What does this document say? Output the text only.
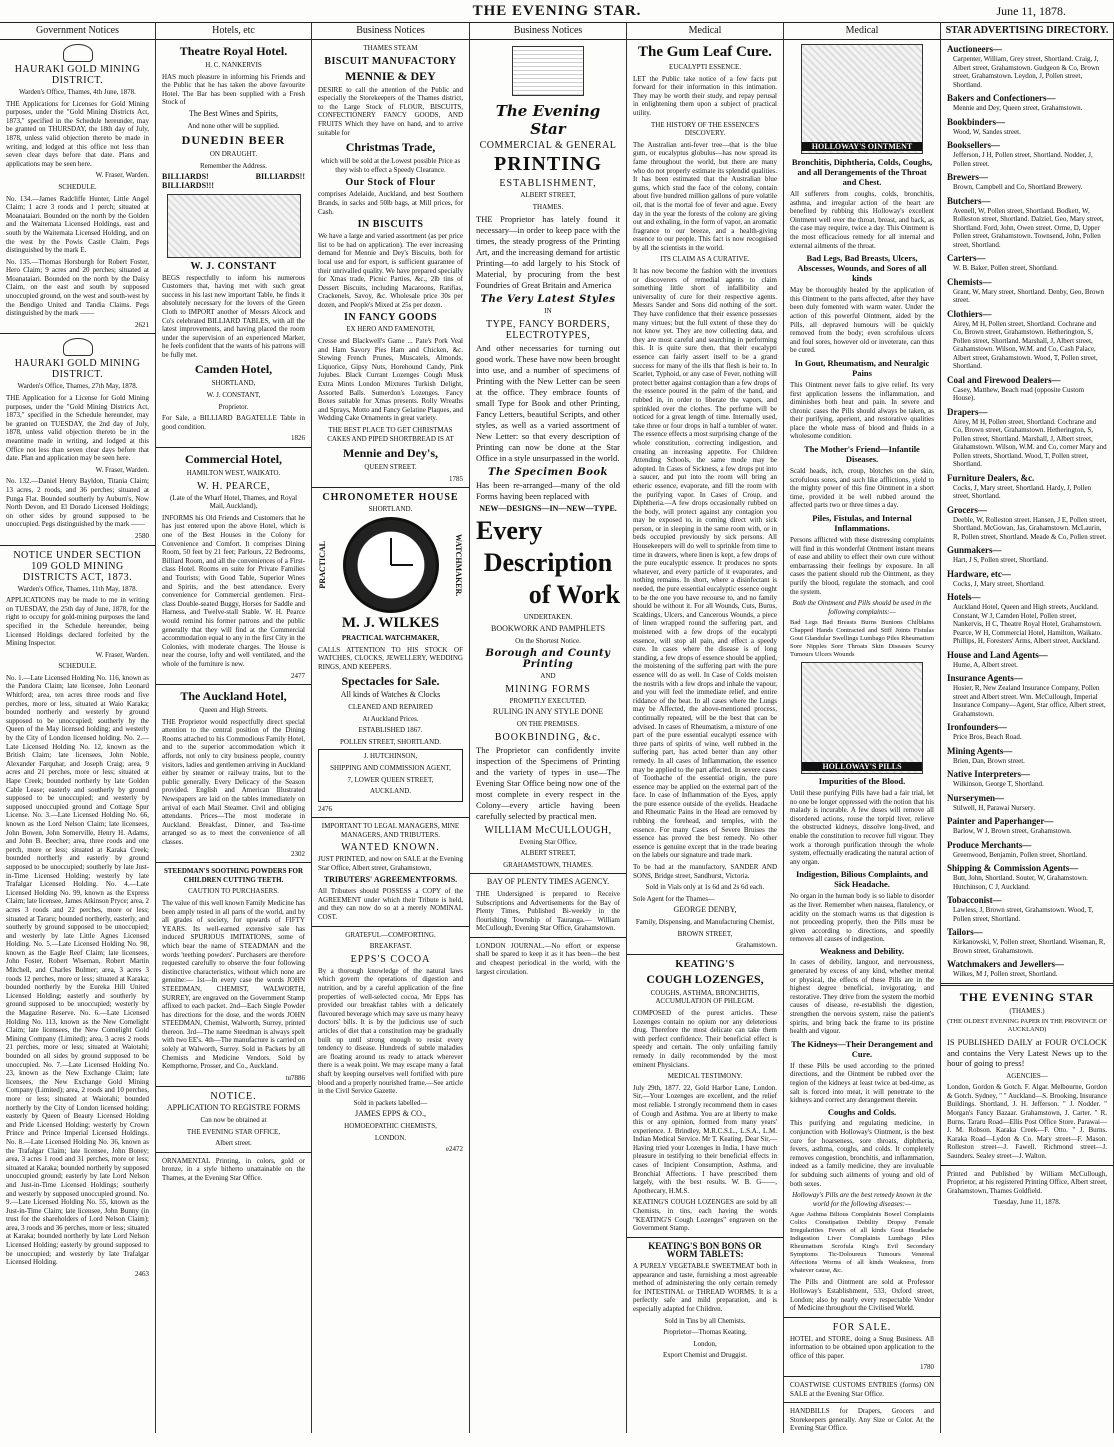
THE EVENING STAR.	June 11, 1878.
Government Notices
HAURAKI GOLD MINING DISTRICT.
Warden's Office, Thames, 4th June, 1878.
THE Applications for Licenses for Gold Mining purposes, under the "Gold Mining Districts Act, 1873," specified in the Schedule hereunder, may be granted on THURSDAY, the 18th day of July, 1878, unless valid objection thereto be made in writing, and lodged at this office not less than seven clear days before that date. Plans and applications may be seen here.
W. Fraser, Warden.
SCHEDULE.
No. 134.—James Radcliffe Hunter, Little Angel Claim; 1 acre 3 roods and 1 perch; situated at Moanataiari. Bounded on the north by the Golden and the Waitemata Licensed Holdings, east and south by the Waitemata Licensed Holding, and on the west by the Powis Castle Claim. Pegs distinguished by the mark E.
No. 135.—Thomas Horsburgh for Robert Foster, Hero Claim; 9 acres and 20 perches; situated at Moanataiari. Bounded on the north by the Daisy Claim, on the east and south by supposed unoccupied ground, on the west and south-west by the Bendigo United and Tandia Claims. Pegs distinguished by the mark ——
2621
HAURAKI GOLD MINING DISTRICT.
Warden's Office, Thames, 27th May, 1878.
THE Application for a License for Gold Mining purposes, under the "Gold Mining Districts Act, 1873," specified in the Schedule hereunder, may be granted on TUESDAY, the 2nd day of July, 1878, unless valid objection thereto be in the meantime made in writing, and lodged at this Office not less than seven clear days before that date. Plan and application may be seen here.
W. Fraser, Warden.
No. 132.—Daniel Henry Bayldon, Titania Claim; 13 acres, 2 roods, and 36 perches; situated at Punga Flat. Bounded southerly by Auburn's, Now North Devon, and El Dorado Licensed Holdings; on other sides by ground supposed to be unoccupied. Pegs distinguished by the mark ——
2580
NOTICE UNDER SECTION 109 GOLD MINING DISTRICTS ACT, 1873.
Warden's Office, Thames, 11th May, 1878.
APPLICATIONS may be made to me in writing on TUESDAY, the 25th day of June, 1878, for the right to occupy for gold-mining purposes the land specified in the Schedule hereunder, being Licensed Holdings declared forfeited by the Mining Inspector.
W. Fraser, Warden.
SCHEDULE.
No. 1.—Late Licensed Holding No. 116, known as the Pandora Claim; late licensee, John Leonard Whitford; area, ten acres three roods and five perches, more or less, situated at Waio Karaka; bounded northerly and westerly by ground supposed to be unoccupied; southerly by the Queen of the May licensed holding; and westerly by the City of London licensed holding. No. 2.—Late Licensed Holding No. 12, known as the British Claim; late licensees, John Noble, Alexander Farquhar, and Joseph Craig; area, 9 acres and 21 perches, more or less; situated at Hape Creek; bounded northerly by late Golden Cable Lease; easterly and southerly by ground supposed to be unoccupied; and westerly by supposed unoccupied ground and Cottage Spur License. No. 3.—Late Licensed Holding No. 66, known as the Lord Nelson Claim; late licensees, John Bowen, John Somerville, Henry H. Adams, and John B. Beecher; area, three roods and one perch, more or less; situated at Karaka Creek; bounded northerly and easterly by ground supposed to be unoccupied; southerly by late Just-in-Time Licensed Holding; westerly by late Trafalgar Licensed Holding. No. 4.—Late Licensed Holding No. 99, known as the Express Claim; late licensee, James Atkinson Pryce; area, 2 acres 3 roods and 22 perches, more or less; situated at Tararu; bounded northerly, easterly, and southerly by ground supposed to be unoccupied; and westerly by late Little Agnes Licensed Holding. No. 5.—Late Licensed Holding No. 98, known as the Eagle Reef Claim; late licensees, John Foster, Robert Wiseman, Robert Martin Mitchell, and Charles Bulmer; area, 3 acres 3 roods 12 perches, more or less; situated at Karaka; bounded northerly by the Eureka Hill United Licensed Holding; easterly and southerly by ground supposed to be unoccupied; westerly by the Magazine Reserve. No. 6.—Late Licensed Holding No. 113, known as the New Comelight Claim; late licensees, the New Comelight Gold Mining Company (Limited); area, 3 acres 2 roods 21 perches, more or less; situated at Waiotahi; bounded on all sides by ground supposed to be unoccupied. No. 7.—Late Licensed Holding No. 23, known as the New Exchange Claim; late licensees, the New Exchange Gold Mining Company (Limited); area, 2 roods and 10 perches, more or less; situated at Waiotahi; bounded northerly by the City of London licensed holding; easterly by Queen of Beauty Licensed Holding and Pride Licensed Holding; westerly by Crown Prince and Prince Imperial Licensed Holdings. No. 8.—Late Licensed Holding No. 36, known as the Trafalgar Claim; late licensee, John Boney; area, 3 acres 1 rood and 31 perches, more or less; situated at Karaka; bounded northerly by supposed unoccupied ground; easterly by late Lord Nelson and Just-in-Time Licensed Holdings; southerly and westerly by supposed unoccupied ground. No. 9.—Late Licensed Holding No. 55, known as the Just-in-Time Claim; late licensee, John Bunny (in trust for the shareholders of Lord Nelson Claim); area, 3 roods and 36 perches, more or less; situated at Karaka; bounded northerly by late Lord Nelson Licensed Holding; easterly by ground supposed to be unoccupied; and westerly by late Trafalgar Licensed Holding.
2463
Hotels, etc
Theatre Royal Hotel.
H. C. NANKERVIS
HAS much pleasure in informing his Friends and the Public that he has taken the above favourite Hotel. The Bar has been supplied with a Fresh Stock of
The Best Wines and Spirits,
And none other will be supplied.
DUNEDIN BEER
ON DRAUGHT.
Remember the Address.
BILLIARDS! BILLIARDS!! BILLIARDS!!!
W. J. CONSTANT
BEGS respectfully to inform his numerous Customers that, having met with such great success in his last new important Table, he finds it absolutely necessary for the lovers of the Green Cloth to IMPORT another of Messrs Alcock and Co's celebrated BILLIARD TABLES, with all the latest improvements, and having placed the room under the supervision of an experienced Marker, he feels confident that the wants of his patrons will be fully met.
Camden Hotel,
SHORTLAND,
W. J. CONSTANT,
Proprietor.
For Sale, a BILLIARD BAGATELLE Table in good condition.
1826
Commercial Hotel,
HAMILTON WEST, WAIKATO.
W. H. PEARCE,
(Late of the Wharf Hotel, Thames, and Royal Mail, Auckland),
INFORMS his Old Friends and Customers that he has just entered upon the above Hotel, which is one of the Best Houses in the Colony for Convenience and Comfort. It comprises Dining Room, 50 feet by 21 feet; Parlours, 22 Bedrooms, Billiard Room, and all the conveniences of a First-class Hotel. Rooms en suite for Private Families and Tourists; with Good Table, Superior Wines and Spirits, and the best attendance. Every convenience for Commercial gentlemen. First-class Double-seated Buggy, Horses for Saddle and Harness, and Twelve-stall Stable. W. H. Pearce would remind his former patrons and the public generally that they will find at the Commercial accommodation equal to any in the first City in the Colonies, with moderate charges. The House is near the course, lofty and well ventilated, and the whole of the furniture is new.
2477
The Auckland Hotel,
Queen and High Streets.
THE Proprietor would respectfully direct special attention to the central position of the Dining Rooms attached to his Commodious Family Hotel, and to the superior accommodation which it affords, not only to city business people, country visitors, ladies and gentlemen arriving in Auckland either by steamer or railway trains, but to the public generally. Every Delicacy of the Season provided. English and American Illustrated Newspapers are laid on the tables immediately on arrival of each Mail Steamer. Civil and obliging attendants. Prices—The most moderate in Auckland. Breakfast, Dinner, and Tea-time arranged so as to meet the convenience of all classes.
2302
STEEDMAN'S SOOTHING POWDERS FOR CHILDREN CUTTING TEETH.
CAUTION TO PURCHASERS.
The value of this well known Family Medicine has been amply tested in all parts of the world, and by all grades of society, for upwards of FIFTY YEARS. Its well-earned extensive sale has induced SPURIOUS IMITATIONS, some of which bear the name of STEADMAN and the words 'teething powders'. Purchasers are therefore requested carefully to observe the four following distinctive characteristics, without which none are genuine:— 1st—In every case the words JOHN STEEDMAN, CHEMIST, WALWORTH, SURREY, are engraved on the Government Stamp affixed to each packet. 2nd—Each Single Powder has directions for the dose, and the words JOHN STEEDMAN, Chemist, Walworth, Surrey, printed thereon. 3rd—The name Steedman is always spelt with two EE's. 4th—The manufacture is carried on solely at Walworth, Surrey. Sold in Packets by all Chemists and Medicine Vendors. Sold by Kempthorne, Prosser, and Co., Auckland.
tu7886
NOTICE.
APPLICATION TO REGISTRE FORMS
Can now be obtained at
THE EVENING STAR OFFICE,
Albert street.
ORNAMENTAL Printing, in colors, gold or bronze, in a style hitherto unattainable on the Thames, at the Evening Star Office.
Business Notices
THAMES STEAM
BISCUIT MANUFACTORY
MENNIE & DEY
DESIRE to call the attention of the Public and especially the Storekeepers of the Thames district, to the Large Stock of FLOUR, BISCUITS, CONFECTIONERY FANCY GOODS, AND FRUITS Which they have on hand, and to arrive suitable for
Christmas Trade,
which will be sold at the Lowest possible Price as they wish to effect a Speedy Clearance.
Our Stock of Flour
comprises Adelaide, Auckland, and best Southern Brands, in sacks and 50lb bags, at Mill prices, for Cash.
IN BISCUITS
We have a large and varied assortment (as per price list to be had on application). The ever increasing demand for Mennie and Dey's Biscuits, both for local use and for export, is sufficient guarantee of their unrivalled quality. We have prepared specially for Xmas trade, Picnic Parties, &c., 2lb tins of Dessert Biscuits, including Macaroons, Ratifias, Crackenels, Savoy, &c. Wholesale price 30s per dozen, and People's Mixed at 25s per dozen.
IN FANCY GOODS
EX HERO AND FAMENOTH,
Cresse and Blackwell's Game ... Pate's Pork Veal and Ham Savory Pies Ham and Chicken, &c. Stewing French Prunes, Muscatels, Almonds, Liquorice, Gipsy Nuts, Horehound Candy, Pink Jujubes. Black Currant Lozenges Cough Musk Extra Mints London Mixtures Turkish Delight, Assorted Balls. Sumerdon's Lozenges. Fancy Boxes suitable for Xmas presents. Rolly Wreaths and Sprays, Motto and Fancy Gelatine Plaques, and Wedding Cake Ornaments in great variety.
THE BEST PLACE TO GET CHRISTMAS CAKES AND PIPED SHORTBREAD IS AT
Mennie and Dey's,
QUEEN STREET.
1785
CHRONOMETER HOUSE
SHORTLAND.
PRACTICAL	WATCHMAKER.
M. J. WILKES
PRACTICAL WATCHMAKER,
CALLS ATTENTION TO HIS STOCK OF WATCHES, CLOCKS, JEWELLERY, WEDDING RINGS, AND KEEPERS.
Spectacles for Sale.
All kinds of Watches & Clocks
CLEANED AND REPAIRED
At Auckland Prices.
ESTABLISHED 1867.
POLLEN STREET, SHORTLAND.
J. HUTCHINSON,
SHIPPING AND COMMISSION AGENT,
7, LOWER QUEEN STREET,
AUCKLAND.
2476
IMPORTANT TO LEGAL MANAGERS, MINE MANAGERS, AND TRIBUTERS.
WANTED KNOWN.
JUST PRINTED, and now on SALE at the Evening Star Office, Albert street, Grahamstown,
TRIBUTERS' AGREEMENTFORMS.
All Tributers should POSSESS a COPY of the AGREEMENT under which their Tribute is held, and they can now do so at a merely NOMINAL COST.
GRATEFUL—COMFORTING.
BREAKFAST.
EPPS'S COCOA
By a thorough knowledge of the natural laws which govern the operations of digestion and nutrition, and by a careful application of the fine properties of well-selected cocoa, Mr Epps has provided our breakfast tables with a delicately flavoured beverage which may save us many heavy doctors' bills. It is by the judicious use of such articles of diet that a constitution may be gradually built up until strong enough to resist every tendency to disease. Hundreds of subtle maladies are floating around us ready to attack wherever there is a weak point. We may escape many a fatal shaft by keeping ourselves well fortified with pure blood and a properly nourished frame.—See article in the Civil Service Gazette.
Sold in packets labelled—
JAMES EPPS & CO.,
HOMOEOPATHIC CHEMISTS,
LONDON.
e2472
Business Notices
The Evening Star
COMMERCIAL & GENERAL
PRINTING
ESTABLISHMENT,
ALBERT STREET,
THAMES.
THE Proprietor has lately found it necessary—in order to keep pace with the times, the steady progress of the Printing Art, and the increasing demand for artistic Printing—to add largely to his Stock of Material, by procuring from the best Foundries of Great Britain and America
The Very Latest Styles
IN
TYPE, FANCY BORDERS, ELECTROTYPES,
And other necessaries for turning out good work. These have now been brought into use, and a number of specimens of Printing with the New Letter can be seen at the office. They embrace founts of small Type for Book and other Printing, Fancy Letters, beautiful Scripts, and other styles, as well as a varied assortment of New Letter: so that every description of Printing can now be done at the Star Office in a style unsurpassed in the world.
The Specimen Book
Has been re-arranged—many of the old Forms having been replaced with
NEW—DESIGNS—IN—NEW—TYPE.
Every
Description
of Work
UNDERTAKEN.
BOOKWORK AND PAMPHLETS
On the Shortest Notice.
Borough and County Printing
AND
MINING FORMS
PROMPTLY EXECUTED.
RULING IN ANY STYLE DONE
ON THE PREMISES.
BOOKBINDING, &c.
The Proprietor can confidently invite inspection of the Specimens of Printing and the variety of types in use—The Evening Star Office being now one of the most complete in every respect in the Colony—every article having been carefully selected by practical men.
WILLIAM McCULLOUGH,
Evening Star Office,
ALBERT STREET,
GRAHAMSTOWN, THAMES.
BAY OF PLENTY TIMES AGENCY.
THE Undersigned is prepared to Receive Subscriptions and Advertisements for the Bay of Plenty Times, Published Bi-weekly in the flourishing Township of Tauranga.— William McCullough, Evening Star Office, Grahamstown.
LONDON JOURNAL.—No effort or expense shall be spared to keep it as it has been—the best and cheapest periodical in the world, with the largest circulation.
Medical
The Gum Leaf Cure.
EUCALYPTI ESSENCE.
LET the Public take notice of a few facts put forward for their information in this intimation. They may be worth their study, and repay perusal in enlightening them upon a subject of practical utility.
THE HISTORY OF THE ESSENCE'S DISCOVERY.
The Australian anti-fever tree—that is the blue gum, or eucalyptus globulus—has now spread its fame throughout the world, but there are many who do not properly estimate its splendid qualities. It has been estimated that the Australian blue gums, which stud the face of the colony, contain about five hundred million gallons of pure volatile oil, that is the mortal foe of fever and ague. Every day in the year the forests of the colony are giving out and exhaling, in the form of vapor, an aromatic fragrance to our breeze, and a health-giving essence to our people. This fact is now recognised by all the scientists in the world.
ITS CLAIM AS A CURATIVE.
It has now become the fashion with the inventors or discoverers of remedial agents to claim something little short of infallibility and universality of cure for their respective agents. Messrs Sander and Sons did nothing of the sort. They have confidence that their essence possesses many virtues; but the full extent of these they do not know yet. They are now collecting data, and they are most careful and searching in performing this. It is quite sure then, that their eucalypti essence can fairly assert itself to be a grand success for many of the ills that flesh is heir to. In Scarlet, Typhoid, or any case of Fever, nothing will protect better against contagion than a few drops of the essence poured in the palm of the hand, and rubbed in, in order to liberate the vapors, and sprinkled over the clothes. The perfume will be noticed for a great length of time. Internally used, take three or four drops in half a tumbler of water. The essence effects a most surprising change of the whole constitution, correcting indigestion, and creating an increasing appetite. For Children Attending Schools, the same mode may be adopted. In Cases of Sickness, a few drops put into a saucer, and put into the room will bring an etheric essence, evaporate, and fill the room with the purifying vapor. In Cases of Croup, and Diphtheria.—A few drops occasionally rubbed on the body, will protect against any contagion you may be exposed to, in coming direct with sick person, or in sleeping in the same room with, or in beds occupied previously by sick persons. All Housekeepers will do well to sprinkle from time to time in drawers, where linen is kept, a few drops of the pure eucalyptic essence. It produces no spots whatever, and every particle of it evaporates, and nothing remains. In short, where a disinfectant is needed, the pure essential eucalyptic essence ought to be the one you have recourse to, and no family should be without it. For all Wounds, Cuts, Burns, Scaldings, Ulcers, and Cancerous Wounds, a piece of linen wrapped round the suffering part, and moistened with a few drops of the eucalypti essence, will stop all pain, and effect a speedy cure. In cases where the disease is of long standing, a few drops of essence should be applied, the moistening of the suffering part with the pure essence will do as well. In Case of Colds moisten the nostrils with a few drops and inhale the vapour, and you will feel the immediate relief, and entire riddance of the beat. In all cases where the Lungs may be Affected, the above-mentioned process, continually repeated, will be the best that can be advised. In cases of Rheumatism, a mixture of one part of the pure essential eucalypti essence with three parts of spirits of wine, well rubbed in the suffering part, has acted better than any other remedy. In all cases of Inflammation, the essence may be applied to the part affected. In severe cases of Toothache of the essential origin, the pure essence may be applied on the external part of the face. In case of Inflammation of the Eyes, apply the pure essence outside of the eyelids. Headache and Rheumatic Pains in the Head are removed by rubbing the forehead, and temples, with the essence. For many Cases of Severe Bruises the essence has proved the best remedy. No other essence is genuine except that in the trade bearing on the labels our signature and trade mark.
To be had at the manufactory, SANDER AND SONS, Bridge street, Sandhurst, Victoria.
Sold in Vials only at 1s 6d and 2s 6d each.
Sole Agent for the Thames—
GEORGE DENBY,
Family, Dispensing, and Manufacturing Chemist,
BROWN STREET,
Grahamstown.
KEATING'S
COUGH LOZENGES,
COUGHS, ASTHMA, BRONCHITIS, ACCUMULATION OF PHLEGM.
COMPOSED of the purest articles. These Lozenges contain no opium nor any deleterious drug. Therefore the most delicate can take them with perfect confidence. Their beneficial effect is speedy and certain. The only unfailing family remedy in daily recommended by the most eminent Physicians.
MEDICAL TESTIMONY.
July 29th, 1877. 22, Gold Harbor Lane, London. Sir,—Your Lozenges are excellent, and the relief most reliable. I strongly recommend them in cases of Cough and Asthma. You are at liberty to make this or any opinion, formed from many years' experience. J. Brindley, M.R.C.S.L., L.S.A., L.M. Indian Medical Service. Mr T. Keating. Dear Sir,—Having tried your Lozenges in India, I have much pleasure in testifying to their beneficial effects in cases of Incipient Consumption, Asthma, and Bronchial Affections. I have prescribed them largely, with the best results. W. B. G——, Apothecary, H.M.S.
KEATING'S COUGH LOZENGES are sold by all Chemists, in tins, each having the words "KEATING'S Cough Lozenges" engraven on the Government Stamp.
KEATING'S BON BONS OR WORM TABLETS:
A PURELY VEGETABLE SWEETMEAT both in appearance and taste, furnishing a most agreeable method of administering the only certain remedy for INTESTINAL or THREAD WORMS. It is a perfectly safe and mild preparation, and is especially adapted for Children.
Sold in Tins by all Chemists.
Proprietor—Thomas Keating,
London,
Export Chemist and Druggist.
Medical
HOLLOWAY'S OINTMENT
Bronchitis, Diphtheria, Colds, Coughs, and all Derangements of the Throat and Chest.
All sufferers from coughs, colds, bronchitis, asthma, and irregular action of the heart are benefited by rubbing this Holloway's excellent Ointment well over the throat, breast, and back, as the case may require, twice a day. This Ointment is the most efficacious remedy for all internal and external ailments of the throat.
Bad Legs, Bad Breasts, Ulcers, Abscesses, Wounds, and Sores of all kinds
May be thoroughly healed by the application of this Ointment to the parts affected, after they have been duly fomented with warm water. Under the action of this powerful Ointment, aided by the Pills, all depraved humours will be quickly removed from the body; even scrofulous ulcers and foul sores, however old or inveterate, can thus be cured.
In Gout, Rheumatism, and Neuralgic Pains
This Ointment never fails to give relief. Its very first application lessens the inflammation, and diminishes both heat and pain. In severe and chronic cases the Pills should always be taken, as their purifying, aperient, and restorative qualities place the whole mass of blood and fluids in a wholesome condition.
The Mother's Friend—Infantile Diseases.
Scald heads, itch, croup, blotches on the skin, scrofulous sores, and such like afflictions, yield to the mighty power of this fine Ointment in a short time, provided it be well rubbed around the affected parts two or three times a day.
Piles, Fistulas, and Internal Inflammations.
Persons afflicted with these distressing complaints will find in this wonderful Ointment instant means of ease and ability to effect their own cure without embarrassing their feelings by exposure. In all cases the patient should rub the Ointment, as they purify the blood, regulate the stomach, and cool the system.
Both the Ointment and Pills should be used in the following complaints:—
Bad Legs Bad Breasts Burns Bunions Chilblains Chapped Hands Contracted and Stiff Joints Fistulas Gout Glandular Swellings Lumbago Piles Rheumatism Sore Nipples Sore Throats Skin Diseases Scurvy Tumours Ulcers Wounds
HOLLOWAY'S PILLS
Impurities of the Blood.
Until these purifying Pills have had a fair trial, let no one be longer oppressed with the notion that his malady is incurable. A few doses will remove all disordered actions, rouse the torpid liver, relieve the obstructed kidneys, dissolve long-lived, and enable the constitution to recover full vigour. They work a thorough purification through the whole system, effectually eradicating the natural action of any organ.
Indigestion, Bilious Complaints, and Sick Headache.
No organ in the human body is so liable to disorder as the liver. Remember when nausea, flatulency, or acidity on the stomach warns us that digestion is not proceeding properly, then the Pills must be given according to directions, and speedily removes all causes of indigestion.
Weakness and Debility.
In cases of debility, languor, and nervousness, generated by excess of any kind, whether mental or physical, the effects of these Pills are in the highest degree beneficial, invigorating, and restorative. They drive from the system the morbid causes of disease, re-establish the digestion, strengthen the nervous system, raise the patient's spirits, and bring back the frame to its pristine health and vigour.
The Kidneys—Their Derangement and Cure.
If these Pills be used according to the printed directions, and the Ointment be rubbed over the region of the kidneys at least twice at bed-time, as salt is forced into meat, it will penetrate to the kidneys and correct any derangement therein.
Coughs and Colds.
This purifying and regulating medicine, in conjunction with Holloway's Ointment, is the best cure for hoarseness, sore throats, diphtheria, fevers, asthma, coughs, and colds. It completely removes congestion, bronchitis, and inflammation, indeed as a family medicine, they are invaluable for subduing such ailments of young and old of both sexes.
Holloway's Pills are the best remedy known in the world for the following diseases:—
Ague Asthma Bilious Complaints Bowel Complaints Colics Constipation Debility Dropsy Female Irregularities Fevers of all kinds Gout Headache Indigestion Liver Complaints Lumbago Piles Rheumatism Scrofula King's Evil Secondary Symptoms Tic-Doloureux Tumours Venereal Affections Worms of all kinds Weakness, from whatever cause, &c.
The Pills and Ointment are sold at Professor Holloway's Establishment, 533, Oxford street, London; also by nearly every respectable Vendor of Medicine throughout the Civilised World.
FOR SALE.
HOTEL and STORE, doing a Snug Business. All information to be obtained upon application to the office of this paper.
1780
COASTWISE CUSTOMS ENTRIES (forms) ON SALE at the Evening Star Office.
HANDBILLS for Drapers, Grocers and Storekeepers generally. Any Size or Color. At the Evening Star Office.
STAR ADVERTISING DIRECTORY.
Auctioneers—
Carpenter, William, Grey street, Shortland. Craig, J, Albert street, Grahamstown. Gudgeon & Co, Brown street, Grahamstown. Leydon, J, Pollen street, Shortland.
Bakers and Confectioners—
Mennie and Dey, Queen street, Grahamstown.
Bookbinders—
Wood, W, Sandes street.
Booksellers—
Jefferson, J H, Pollen street, Shortland. Nodder, J, Pollen street.
Brewers—
Brown, Campbell and Co, Shortland Brewery.
Butchers—
Avenell, W, Pollen street, Shortland. Bodkett, W, Rolleston street, Shortland. Dalziel, Geo, Mary street, Shortland. Ford, John, Owen street. Orme, D, Upper Pollen street, Grahamstown. Townsend, John, Pollen street, Shortland.
Carters—
W. B. Baker, Pollen street, Shortland.
Chemists—
Grant, W, Mary street, Shortland. Denby, Geo, Brown street.
Clothiers—
Airey, M H, Pollen street, Shortland. Cochrane and Co, Brown street, Grahamstown. Hetherington, S, Pollen street, Shortland. Marshall, J, Albert street, Grahamstown. Wilson, W.M. and Co, Cash Palace, Albert street, Grahamstown. Wood, T, Pollen street, Shortland.
Coal and Firewood Dealers—
Casey, Matthew, Beach road (opposite Custom House).
Drapers—
Airey, M H, Pollen street, Shortland. Cochrane and Co, Brown street, Grahamstown. Hetherington, S, Pollen street, Shortland. Marshall, J, Albert street, Grahamstown. Wilson, W.M. and Co, corner Mary and Pollen streets, Shortland. Wood, T, Pollen street, Shortland.
Furniture Dealers, &c.
Cocks, J, Mary street, Shortland. Hardy, J, Pollen street, Shortland.
Grocers—
Deeble, W, Rolleston street. Hansen, J E, Pollen street, Shortland. McGowan, Jas, Grahamstown. McLaurin, R, Pollen street, Shortland. Meade & Co, Pollen street.
Gunmakers—
Hart, J S, Pollen street, Shortland.
Hardware, etc—
Cocks, J, Mary street, Shortland.
Hotels—
Auckland Hotel, Queen and High streets, Auckland. Constant, W J, Camden Hotel, Pollen street, Nankervis, H C, Theatre Royal Hotel, Grahamstown. Pearce, W H, Commercial Hotel, Hamilton, Waikato. Phillips, H, Foresters' Arms, Albert street, Auckland.
House and Land Agents—
Hume, A, Albert street.
Insurance Agents—
Hosier, R, New Zealand Insurance Company, Pollen street and Albert street. Wm. McCullough, Imperial Insurance Company—Agent, Star office, Albert street, Grahamstown.
Ironfounders—
Price Bros, Beach Road.
Mining Agents—
Brien, Dan, Brown street.
Native Interpreters—
Wilkinson, George T, Shortland.
Nurserymen—
Stilwell, H, Parawai Nursery.
Painter and Paperhanger—
Barlow, W J, Brown street, Grahamstown.
Produce Merchants—
Greenwood, Benjamin, Pollen street, Shortland.
Shipping & Commission Agents—
Butt, John, Shortland. Souter, W, Grahamstown. Hutchinson, C J, Auckland.
Tobacconist—
Lawless, J, Brown street, Grahamstown. Wood, T, Pollen street, Shortland.
Tailors—
Kirkanowski, V, Pollen street, Shortland. Wiseman, R, Brown street, Grahamstown.
Watchmakers and Jewellers—
Wilkes, M J, Pollen street, Shortland.
THE EVENING STAR
(THAMES.)
(THE OLDEST EVENING PAPER IN THE PROVINCE OF AUCKLAND)
IS PUBLISHED DAILY at FOUR O'CLOCK and contains the Very Latest News up to the hour of going to press!
AGENCIES—
London, Gordon & Gotch. F. Algar. Melbourne, Gordon & Gotch. Sydney, " " Auckland—S. Brooking, Insurance Buildings. Shortland, J. H. Jefferson. " J. Nodder. " Morgan's Fancy Bazaar. Grahamstown, J. Carter. " R. Burns. Tararu Road—Ellis Post Office Store. Parawai—J. M. Robson. Karaka Creek—F. Otto. " J. Burns. Karaka Road—Lydon & Co. Mary street—F. Mason. Rolleston street—J. Fawell. Richmond street—J. Saunders. Sealey street—J. Walton.
Printed and Published by William McCullough, Proprietor, at his registered Printing Office, Albert street, Grahamstown, Thames Goldfield.
Tuesday, June 11, 1878.
